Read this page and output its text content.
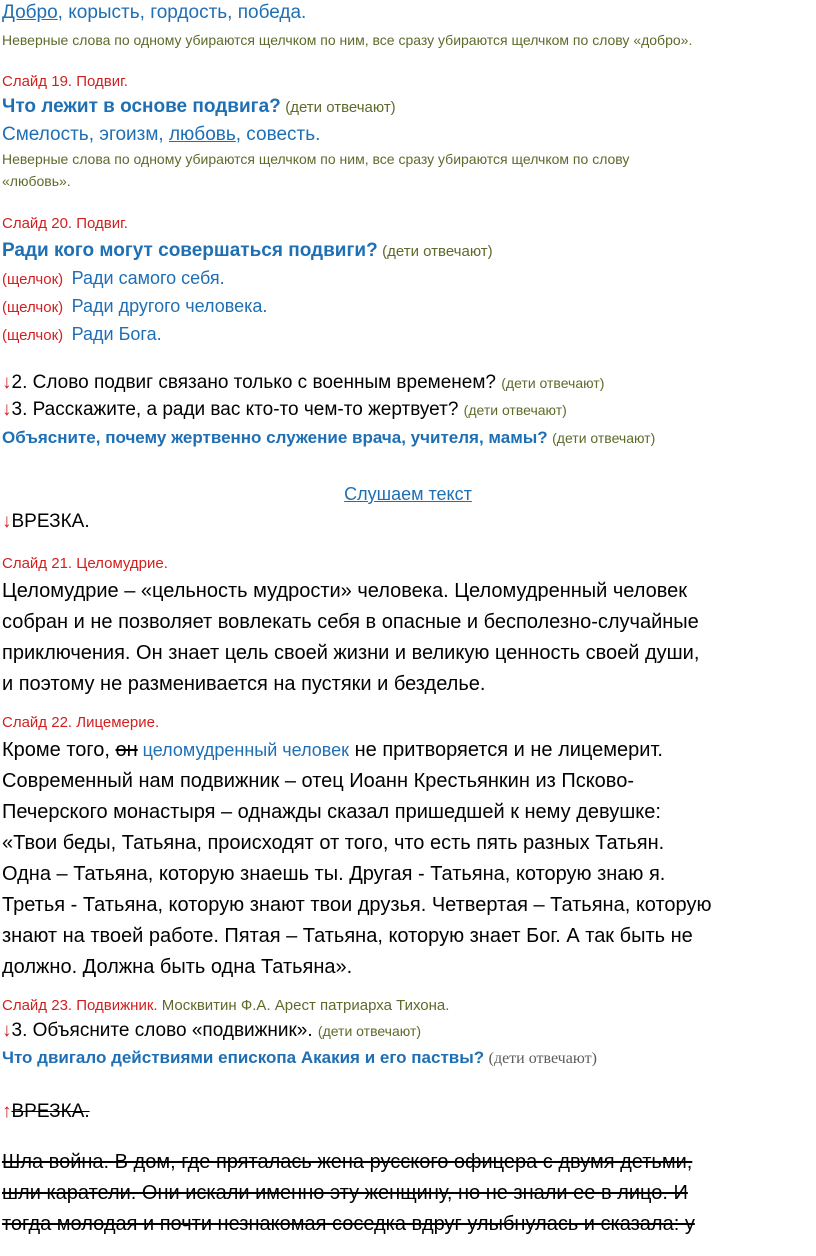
Добро, корысть, гордость, победа.
Неверные слова по одному убираются щелчком по ним, все сразу убираются щелчком по слову «добро».
Слайд 19. Подвиг.
Что лежит в основе подвига? (дети отвечают)
Смелость, эгоизм, любовь, совесть.
Неверные слова по одному убираются щелчком по ним, все сразу убираются щелчком по слову
«любовь».
Слайд 20. Подвиг.
Ради кого могут совершаться подвиги? (дети отвечают)
(щелчок) Ради самого себя.
(щелчок) Ради другого человека.
(щелчок) Ради Бога.
↓2. Слово подвиг связано только с военным временем? (дети отвечают)
↓3. Расскажите, а ради вас кто-то чем-то жертвует? (дети отвечают)
Объясните, почему жертвенно служение врача, учителя, мамы? (дети отвечают)
Слушаем текст
↓ВРЕЗКА.
Слайд 21. Целомудрие.
Целомудрие – «цельность мудрости» человека. Целомудренный человек
собран и не позволяет вовлекать себя в опасные и бесполезно-случайные
приключения. Он знает цель своей жизни и великую ценность своей души,
и поэтому не разменивается на пустяки и безделье.
Слайд 22. Лицемерие.
Кроме того, он целомудренный человек не притворяется и не лицемерит.
Современный нам подвижник – отец Иоанн Крестьянкин из Псково-
Печерского монастыря – однажды сказал пришедшей к нему девушке:
«Твои беды, Татьяна, происходят от того, что есть пять разных Татьян.
Одна – Татьяна, которую знаешь ты. Другая - Татьяна, которую знаю я.
Третья - Татьяна, которую знают твои друзья. Четвертая – Татьяна, которую
знают на твоей работе. Пятая – Татьяна, которую знает Бог. А так быть не
должно. Должна быть одна Татьяна».
Слайд 23. Подвижник. Москвитин Ф.А. Арест патриарха Тихона.
↓3. Объясните слово «подвижник». (дети отвечают)
Что двигало действиями епископа Акакия и его паствы? (дети отвечают)
↑ВРЕЗКА.
Шла война. В дом, где пряталась жена русского офицера с двумя детьми,
шли каратели. Они искали именно эту женщину, но не знали ее в лицо. И
тогда молодая и почти незнакомая соседка вдруг улыбнулась и сказала: у
